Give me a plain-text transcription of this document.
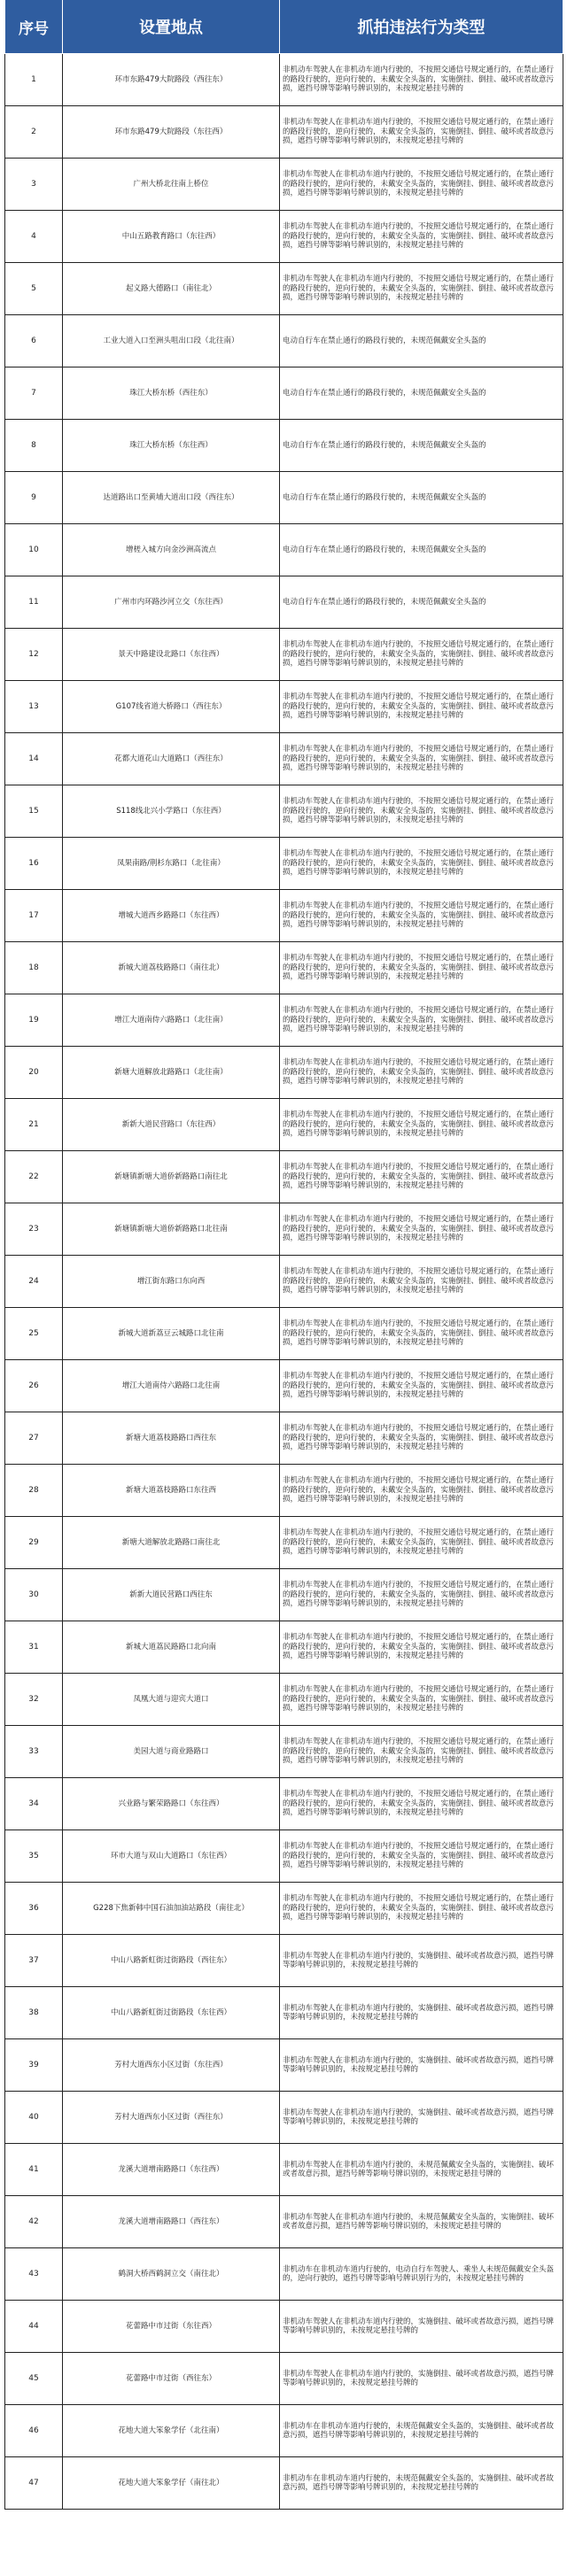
序号	设置地点	抓拍违法行为类型
1	环市东路479大院路段（西往东）	非机动车驾驶人在非机动车道内行驶的，不按照交通信号规定通行的，在禁止通行的路段行驶的，逆向行驶的，未戴安全头盔的，实施倒挂、倒挂、破坏或者故意污损，遮挡号牌等影响号牌识别的，未按规定悬挂号牌的
2	环市东路479大院路段（东往西）	非机动车驾驶人在非机动车道内行驶的，不按照交通信号规定通行的，在禁止通行的路段行驶的，逆向行驶的，未戴安全头盔的，实施倒挂、倒挂、破坏或者故意污损，遮挡号牌等影响号牌识别的，未按规定悬挂号牌的
3	广州大桥北往南上桥位	非机动车驾驶人在非机动车道内行驶的，不按照交通信号规定通行的，在禁止通行的路段行驶的，逆向行驶的，未戴安全头盔的，实施倒挂、倒挂、破坏或者故意污损，遮挡号牌等影响号牌识别的，未按规定悬挂号牌的
4	中山五路教育路口（东往西）	非机动车驾驶人在非机动车道内行驶的，不按照交通信号规定通行的，在禁止通行的路段行驶的，逆向行驶的，未戴安全头盔的，实施倒挂、倒挂、破坏或者故意污损，遮挡号牌等影响号牌识别的，未按规定悬挂号牌的
5	起义路大德路口（南往北）	非机动车驾驶人在非机动车道内行驶的，不按照交通信号规定通行的，在禁止通行的路段行驶的，逆向行驶的，未戴安全头盔的，实施倒挂、倒挂、破坏或者故意污损，遮挡号牌等影响号牌识别的，未按规定悬挂号牌的
6	工业大道入口至洲头咀出口段（北往南）	电动自行车在禁止通行的路段行驶的，未规范佩戴安全头盔的
7	珠江大桥东桥（西往东）	电动自行车在禁止通行的路段行驶的，未规范佩戴安全头盔的
8	珠江大桥东桥（东往西）	电动自行车在禁止通行的路段行驶的，未规范佩戴安全头盔的
9	达道路出口至黄埔大道出口段（西往东）	电动自行车在禁止通行的路段行驶的，未规范佩戴安全头盔的
10	增槎入城方向金沙洲高流点	电动自行车在禁止通行的路段行驶的，未规范佩戴安全头盔的
11	广州市内环路沙河立交（东往西）	电动自行车在禁止通行的路段行驶的，未规范佩戴安全头盔的
12	景天中路建设北路口（东往西）	非机动车驾驶人在非机动车道内行驶的，不按照交通信号规定通行的，在禁止通行的路段行驶的，逆向行驶的，未戴安全头盔的，实施倒挂、倒挂、破坏或者故意污损，遮挡号牌等影响号牌识别的，未按规定悬挂号牌的
13	G107线省道大桥路口（西往东）	非机动车驾驶人在非机动车道内行驶的，不按照交通信号规定通行的，在禁止通行的路段行驶的，逆向行驶的，未戴安全头盔的，实施倒挂、倒挂、破坏或者故意污损，遮挡号牌等影响号牌识别的，未按规定悬挂号牌的
14	花都大道花山大道路口（西往东）	非机动车驾驶人在非机动车道内行驶的，不按照交通信号规定通行的，在禁止通行的路段行驶的，逆向行驶的，未戴安全头盔的，实施倒挂、倒挂、破坏或者故意污损，遮挡号牌等影响号牌识别的，未按规定悬挂号牌的
15	S118线北兴小学路口（东往西）	非机动车驾驶人在非机动车道内行驶的，不按照交通信号规定通行的，在禁止通行的路段行驶的，逆向行驶的，未戴安全头盔的，实施倒挂、倒挂、破坏或者故意污损，遮挡号牌等影响号牌识别的，未按规定悬挂号牌的
16	凤果南路/荆杉东路口（北往南）	非机动车驾驶人在非机动车道内行驶的，不按照交通信号规定通行的，在禁止通行的路段行驶的，逆向行驶的，未戴安全头盔的，实施倒挂、倒挂、破坏或者故意污损，遮挡号牌等影响号牌识别的，未按规定悬挂号牌的
17	增城大道西乡路路口（东往西）	非机动车驾驶人在非机动车道内行驶的，不按照交通信号规定通行的，在禁止通行的路段行驶的，逆向行驶的，未戴安全头盔的，实施倒挂、倒挂、破坏或者故意污损，遮挡号牌等影响号牌识别的，未按规定悬挂号牌的
18	新城大道荔枝路路口（南往北）	非机动车驾驶人在非机动车道内行驶的，不按照交通信号规定通行的，在禁止通行的路段行驶的，逆向行驶的，未戴安全头盔的，实施倒挂、倒挂、破坏或者故意污损，遮挡号牌等影响号牌识别的，未按规定悬挂号牌的
19	增江大道南侍六路路口（北往南）	非机动车驾驶人在非机动车道内行驶的，不按照交通信号规定通行的，在禁止通行的路段行驶的，逆向行驶的，未戴安全头盔的，实施倒挂、倒挂、破坏或者故意污损，遮挡号牌等影响号牌识别的，未按规定悬挂号牌的
20	新塘大道解放北路路口（北往南）	非机动车驾驶人在非机动车道内行驶的，不按照交通信号规定通行的，在禁止通行的路段行驶的，逆向行驶的，未戴安全头盔的，实施倒挂、倒挂、破坏或者故意污损，遮挡号牌等影响号牌识别的，未按规定悬挂号牌的
21	新新大道民营路口（东往西）	非机动车驾驶人在非机动车道内行驶的，不按照交通信号规定通行的，在禁止通行的路段行驶的，逆向行驶的，未戴安全头盔的，实施倒挂、倒挂、破坏或者故意污损，遮挡号牌等影响号牌识别的，未按规定悬挂号牌的
22	新塘镇新塘大道侨新路路口南往北	非机动车驾驶人在非机动车道内行驶的，不按照交通信号规定通行的，在禁止通行的路段行驶的，逆向行驶的，未戴安全头盔的，实施倒挂、倒挂、破坏或者故意污损，遮挡号牌等影响号牌识别的，未按规定悬挂号牌的
23	新塘镇新塘大道侨新路路口北往南	非机动车驾驶人在非机动车道内行驶的，不按照交通信号规定通行的，在禁止通行的路段行驶的，逆向行驶的，未戴安全头盔的，实施倒挂、倒挂、破坏或者故意污损，遮挡号牌等影响号牌识别的，未按规定悬挂号牌的
24	增江街东路口东向西	非机动车驾驶人在非机动车道内行驶的，不按照交通信号规定通行的，在禁止通行的路段行驶的，逆向行驶的，未戴安全头盔的，实施倒挂、倒挂、破坏或者故意污损，遮挡号牌等影响号牌识别的，未按规定悬挂号牌的
25	新城大道新荔豆云城路口北往南	非机动车驾驶人在非机动车道内行驶的，不按照交通信号规定通行的，在禁止通行的路段行驶的，逆向行驶的，未戴安全头盔的，实施倒挂、倒挂、破坏或者故意污损，遮挡号牌等影响号牌识别的，未按规定悬挂号牌的
26	增江大道南侍六路路口北往南	非机动车驾驶人在非机动车道内行驶的，不按照交通信号规定通行的，在禁止通行的路段行驶的，逆向行驶的，未戴安全头盔的，实施倒挂、倒挂、破坏或者故意污损，遮挡号牌等影响号牌识别的，未按规定悬挂号牌的
27	新塘大道荔枝路路口西往东	非机动车驾驶人在非机动车道内行驶的，不按照交通信号规定通行的，在禁止通行的路段行驶的，逆向行驶的，未戴安全头盔的，实施倒挂、倒挂、破坏或者故意污损，遮挡号牌等影响号牌识别的，未按规定悬挂号牌的
28	新塘大道荔枝路路口东往西	非机动车驾驶人在非机动车道内行驶的，不按照交通信号规定通行的，在禁止通行的路段行驶的，逆向行驶的，未戴安全头盔的，实施倒挂、倒挂、破坏或者故意污损，遮挡号牌等影响号牌识别的，未按规定悬挂号牌的
29	新塘大道解放北路路口南往北	非机动车驾驶人在非机动车道内行驶的，不按照交通信号规定通行的，在禁止通行的路段行驶的，逆向行驶的，未戴安全头盔的，实施倒挂、倒挂、破坏或者故意污损，遮挡号牌等影响号牌识别的，未按规定悬挂号牌的
30	新新大道民营路口西往东	非机动车驾驶人在非机动车道内行驶的，不按照交通信号规定通行的，在禁止通行的路段行驶的，逆向行驶的，未戴安全头盔的，实施倒挂、倒挂、破坏或者故意污损，遮挡号牌等影响号牌识别的，未按规定悬挂号牌的
31	新城大道荔民路路口北向南	非机动车驾驶人在非机动车道内行驶的，不按照交通信号规定通行的，在禁止通行的路段行驶的，逆向行驶的，未戴安全头盔的，实施倒挂、倒挂、破坏或者故意污损，遮挡号牌等影响号牌识别的，未按规定悬挂号牌的
32	凤凰大道与迎宾大道口	非机动车驾驶人在非机动车道内行驶的，不按照交通信号规定通行的，在禁止通行的路段行驶的，逆向行驶的，未戴安全头盔的，实施倒挂、倒挂、破坏或者故意污损，遮挡号牌等影响号牌识别的，未按规定悬挂号牌的
33	美园大道与商业路路口	非机动车驾驶人在非机动车道内行驶的，不按照交通信号规定通行的，在禁止通行的路段行驶的，逆向行驶的，未戴安全头盔的，实施倒挂、倒挂、破坏或者故意污损，遮挡号牌等影响号牌识别的，未按规定悬挂号牌的
34	兴业路与繁荣路路口（东往西）	非机动车驾驶人在非机动车道内行驶的，不按照交通信号规定通行的，在禁止通行的路段行驶的，逆向行驶的，未戴安全头盔的，实施倒挂、倒挂、破坏或者故意污损，遮挡号牌等影响号牌识别的，未按规定悬挂号牌的
35	环市大道与双山大道路口（东往西）	非机动车驾驶人在非机动车道内行驶的，不按照交通信号规定通行的，在禁止通行的路段行驶的，逆向行驶的，未戴安全头盔的，实施倒挂、倒挂、破坏或者故意污损，遮挡号牌等影响号牌识别的，未按规定悬挂号牌的
36	G228下焦新韩中国石油加油站路段（南往北）	非机动车驾驶人在非机动车道内行驶的，不按照交通信号规定通行的，在禁止通行的路段行驶的，逆向行驶的，未戴安全头盔的，实施倒挂、倒挂、破坏或者故意污损，遮挡号牌等影响号牌识别的，未按规定悬挂号牌的
37	中山八路新虹街过街路段（西往东）	非机动车驾驶人在非机动车道内行驶的，实施倒挂、破坏或者故意污损，遮挡号牌等影响号牌识别的，未按规定悬挂号牌的
38	中山八路新虹街过街路段（东往西）	非机动车驾驶人在非机动车道内行驶的，实施倒挂、破坏或者故意污损，遮挡号牌等影响号牌识别的，未按规定悬挂号牌的
39	芳村大道西东小区过街（东往西）	非机动车驾驶人在非机动车道内行驶的，实施倒挂、破坏或者故意污损，遮挡号牌等影响号牌识别的，未按规定悬挂号牌的
40	芳村大道西东小区过街（西往东）	非机动车驾驶人在非机动车道内行驶的，实施倒挂、破坏或者故意污损，遮挡号牌等影响号牌识别的，未按规定悬挂号牌的
41	龙溪大道增南路路口（东往西）	非机动车驾驶人在非机动车道内行驶的，未规范佩戴安全头盔的，实施倒挂、破坏或者故意污损，遮挡号牌等影响号牌识别的，未按规定悬挂号牌的
42	龙溪大道增南路路口（西往东）	非机动车驾驶人在非机动车道内行驶的，未规范佩戴安全头盔的，实施倒挂、破坏或者故意污损，遮挡号牌等影响号牌识别的，未按规定悬挂号牌的
43	鹤洞大桥西鹤洞立交（南往北）	非机动车在非机动车道内行驶的，电动自行车驾驶人、乘坐人未规范佩戴安全头盔的，逆向行驶的，遮挡号牌等影响号牌识别行为的，未按规定悬挂号牌的
44	花蕾路中市过街（东往西）	非机动车驾驶人在非机动车道内行驶的，实施倒挂、破坏或者故意污损，遮挡号牌等影响号牌识别的，未按规定悬挂号牌的
45	花蕾路中市过街（西往东）	非机动车驾驶人在非机动车道内行驶的，实施倒挂、破坏或者故意污损，遮挡号牌等影响号牌识别的，未按规定悬挂号牌的
46	花地大道大笨象学仔（北往南）	非机动车在非机动车道内行驶的，未规范佩戴安全头盔的，实施倒挂、破坏或者故意污损，遮挡号牌等影响号牌识别的，未按规定悬挂号牌的
47	花地大道大笨象学仔（南往北）	非机动车在非机动车道内行驶的，未规范佩戴安全头盔的，实施倒挂、破坏或者故意污损，遮挡号牌等影响号牌识别的，未按规定悬挂号牌的
